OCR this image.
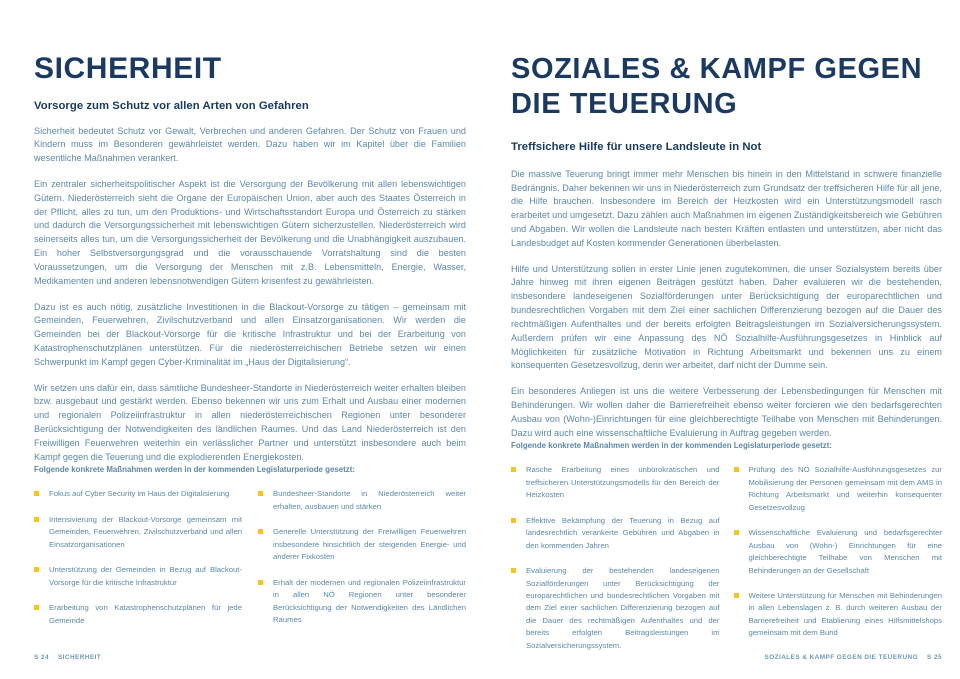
SICHERHEIT
Vorsorge zum Schutz vor allen Arten von Gefahren

Sicherheit bedeutet Schutz vor Gewalt, Verbrechen und anderen Gefahren. Der Schutz von Frauen und Kindern muss im Besonderen gewährleistet werden. Dazu haben wir im Kapitel über die Familien wesentliche Maßnahmen verankert.

Ein zentraler sicherheitspolitischer Aspekt ist die Versorgung der Bevölkerung mit allen lebenswichtigen Gütern. Niederösterreich sieht die Organe der Europäischen Union, aber auch des Staates Österreich in der Pflicht, alles zu tun, um den Produktions- und Wirtschaftsstandort Europa und Österreich zu stärken und dadurch die Versorgungssicherheit mit lebenswichtigen Gütern sicherzustellen. Niederösterreich wird seinerseits alles tun, um die Versorgungssicherheit der Bevölkerung und die Unabhängigkeit auszubauen. Ein hoher Selbstversorgungsgrad und die vorausschauende Vorratshaltung sind die besten Voraussetzungen, um die Versorgung der Menschen mit z.B. Lebensmitteln, Energie, Wasser, Medikamenten und anderen lebensnotwendigen Gütern krisenfest zu gewährleisten.

Dazu ist es auch nötig, zusätzliche Investitionen in die Blackout-Vorsorge zu tätigen – gemeinsam mit Gemeinden, Feuerwehren, Zivilschutzverband und allen Einsatzorganisationen. Wir werden die Gemeinden bei der Blackout-Vorsorge für die kritische Infrastruktur und bei der Erarbeitung von Katastrophenschutzplänen unterstützen. Für die niederösterreichischen Betriebe setzen wir einen Schwerpunkt im Kampf gegen Cyber-Kriminalität im „Haus der Digitalisierung“.

Wir setzen uns dafür ein, dass sämtliche Bundesheer-Standorte in Niederösterreich weiter erhalten bleiben bzw. ausgebaut und gestärkt werden. Ebenso bekennen wir uns zum Erhalt und Ausbau einer modernen und regionalen Polizeiinfrastruktur in allen niederösterreichischen Regionen unter besonderer Berücksichtigung der Notwendigkeiten des ländlichen Raumes. Und das Land Niederösterreich ist den Freiwilligen Feuerwehren weiterhin ein verlässlicher Partner und unterstützt insbesondere auch beim Kampf gegen die Teuerung und die explodierenden Energiekosten.

Folgende konkrete Maßnahmen werden in der kommenden Legislaturperiode gesetzt:
Fokus auf Cyber Security im Haus der Digitalisierung
Intensivierung der Blackout-Vorsorge gemeinsam mit Gemeinden, Feuerwehren, Zivilschutzverband und allen Einsatzorganisationen
Unterstützung der Gemeinden in Bezug auf Blackout-Vorsorge für die kritische Infrastruktur
Erarbeitung von Katastrophenschutzplänen für jede Gemeinde
Bundesheer-Standorte in Niederösterreich weiter erhalten, ausbauen und stärken
Generelle Unterstützung der Freiwilligen Feuerwehren insbesondere hinsichtlich der steigenden Energie- und anderer Fixkosten
Erhalt der modernen und regionalen Polizeiinfrastruktur in allen NÖ Regionen unter besonderer Berücksichtigung der Notwendigkeiten des Ländlichen Raumes
S 24 SICHERHEIT
SOZIALES & KAMPF GEGEN DIE TEUERUNG
Treffsichere Hilfe für unsere Landsleute in Not

Die massive Teuerung bringt immer mehr Menschen bis hinein in den Mittelstand in schwere finanzielle Bedrängnis. Daher bekennen wir uns in Niederösterreich zum Grundsatz der treffsicheren Hilfe für all jene, die Hilfe brauchen. Insbesondere im Bereich der Heizkosten wird ein Unterstützungsmodell rasch erarbeitet und umgesetzt. Dazu zählen auch Maßnahmen im eigenen Zuständigkeitsbereich wie Gebühren und Abgaben. Wir wollen die Landsleute nach besten Kräften entlasten und unterstützen, aber nicht das Landesbudget auf Kosten kommender Generationen überbelasten.

Hilfe und Unterstützung sollen in erster Linie jenen zugutekommen, die unser Sozialsystem bereits über Jahre hinweg mit ihren eigenen Beiträgen gestützt haben. Daher evaluieren wir die bestehenden, insbesondere landeseigenen Sozialförderungen unter Berücksichtigung der europarechtlichen und bundesrechtlichen Vorgaben mit dem Ziel einer sachlichen Differenzierung bezogen auf die Dauer des rechtmäßigen Aufenthaltes und der bereits erfolgten Beitragsleistungen im Sozialversicherungssystem. Außerdem prüfen wir eine Anpassung des NÖ Sozialhilfe-Ausführungsgesetzes in Hinblick auf Möglichkeiten für zusätzliche Motivation in Richtung Arbeitsmarkt und bekennen uns zu einem konsequenten Gesetzesvollzug, denn wer arbeitet, darf nicht der Dumme sein.

Ein besonderes Anliegen ist uns die weitere Verbesserung der Lebensbedingungen für Menschen mit Behinderungen. Wir wollen daher die Barrierefreiheit ebenso weiter forcieren wie den bedarfsgerechten Ausbau von (Wohn-)Einrichtungen für eine gleichberechtigte Teilhabe von Menschen mit Behinderungen. Dazu wird auch eine wissenschaftliche Evaluierung in Auftrag gegeben werden.

Folgende konkrete Maßnahmen werden in der kommenden Legislaturperiode gesetzt:
Rasche Erarbeitung eines unbürokratischen und treffsicheren Unterstützungsmodells für den Bereich der Heizkosten
Effektive Bekämpfung der Teuerung in Bezug auf landesrechtlich verankerte Gebühren und Abgaben in den kommenden Jahren
Evaluierung der bestehenden landeseigenen Sozialförderungen unter Berücksichtigung der europarechtlichen und bundesrechtlichen Vorgaben mit dem Ziel einer sachlichen Differenzierung bezogen auf die Dauer des rechtmäßigen Aufenthaltes und der bereits erfolgten Beitragsleistungen im Sozialversicherungssystem.
Prüfung des NÖ Sozialhilfe-Ausführungsgesetzes zur Mobilisierung der Personen gemeinsam mit dem AMS in Richtung Arbeitsmarkt und weiterhin konsequenter Gesetzesvollzug
Wissenschaftliche Evaluierung und bedarfsgerechter Ausbau von (Wohn-) Einrichtungen für eine gleichberechtigte Teilhabe von Menschen mit Behinderungen an der Gesellschaft
Weitere Unterstützung für Menschen mit Behinderungen in allen Lebenslagen z. B. durch weiteren Ausbau der Barrierefreiheit und Etablierung eines Hilfsmittelshops gemeinsam mit dem Bund
SOZIALES & KAMPF GEGEN DIE TEUERUNG S 25
